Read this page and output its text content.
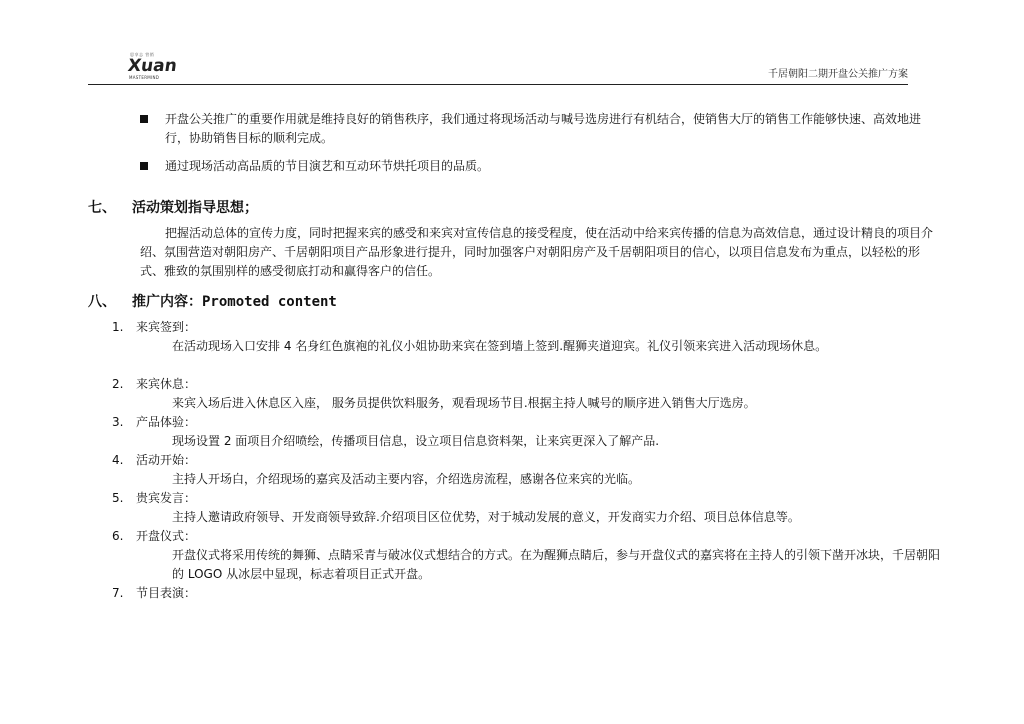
思享志 营销
Xuan
MASTERMIND	千居朝阳二期开盘公关推广方案
开盘公关推广的重要作用就是维持良好的销售秩序，我们通过将现场活动与喊号选房进行有机结合，使销售大厅的销售工作能够快速、高效地进行，协助销售目标的顺利完成。
通过现场活动高品质的节目演艺和互动环节烘托项目的品质。
七、 活动策划指导思想；
把握活动总体的宣传力度，同时把握来宾的感受和来宾对宣传信息的接受程度，使在活动中给来宾传播的信息为高效信息，通过设计精良的项目介绍、氛围营造对朝阳房产、千居朝阳项目产品形象进行提升，同时加强客户对朝阳房产及千居朝阳项目的信心，以项目信息发布为重点，以轻松的形式、雅致的氛围别样的感受彻底打动和赢得客户的信任。
八、 推广内容：Promoted content
1. 来宾签到：
在活动现场入口安排 4 名身红色旗袍的礼仪小姐协助来宾在签到墙上签到.醒狮夹道迎宾。礼仪引领来宾进入活动现场休息。
2. 来宾休息：
来宾入场后进入休息区入座， 服务员提供饮料服务，观看现场节目.根据主持人喊号的顺序进入销售大厅选房。
3. 产品体验：
现场设置 2 面项目介绍喷绘，传播项目信息，设立项目信息资料架，让来宾更深入了解产品.
4. 活动开始：
主持人开场白，介绍现场的嘉宾及活动主要内容，介绍选房流程，感谢各位来宾的光临。
5. 贵宾发言：
主持人邀请政府领导、开发商领导致辞.介绍项目区位优势，对于城动发展的意义，开发商实力介绍、项目总体信息等。
6. 开盘仪式：
开盘仪式将采用传统的舞狮、点睛采青与破冰仪式想结合的方式。在为醒狮点睛后，参与开盘仪式的嘉宾将在主持人的引领下凿开冰块，千居朝阳的 LOGO 从冰层中显现，标志着项目正式开盘。
7. 节目表演：
